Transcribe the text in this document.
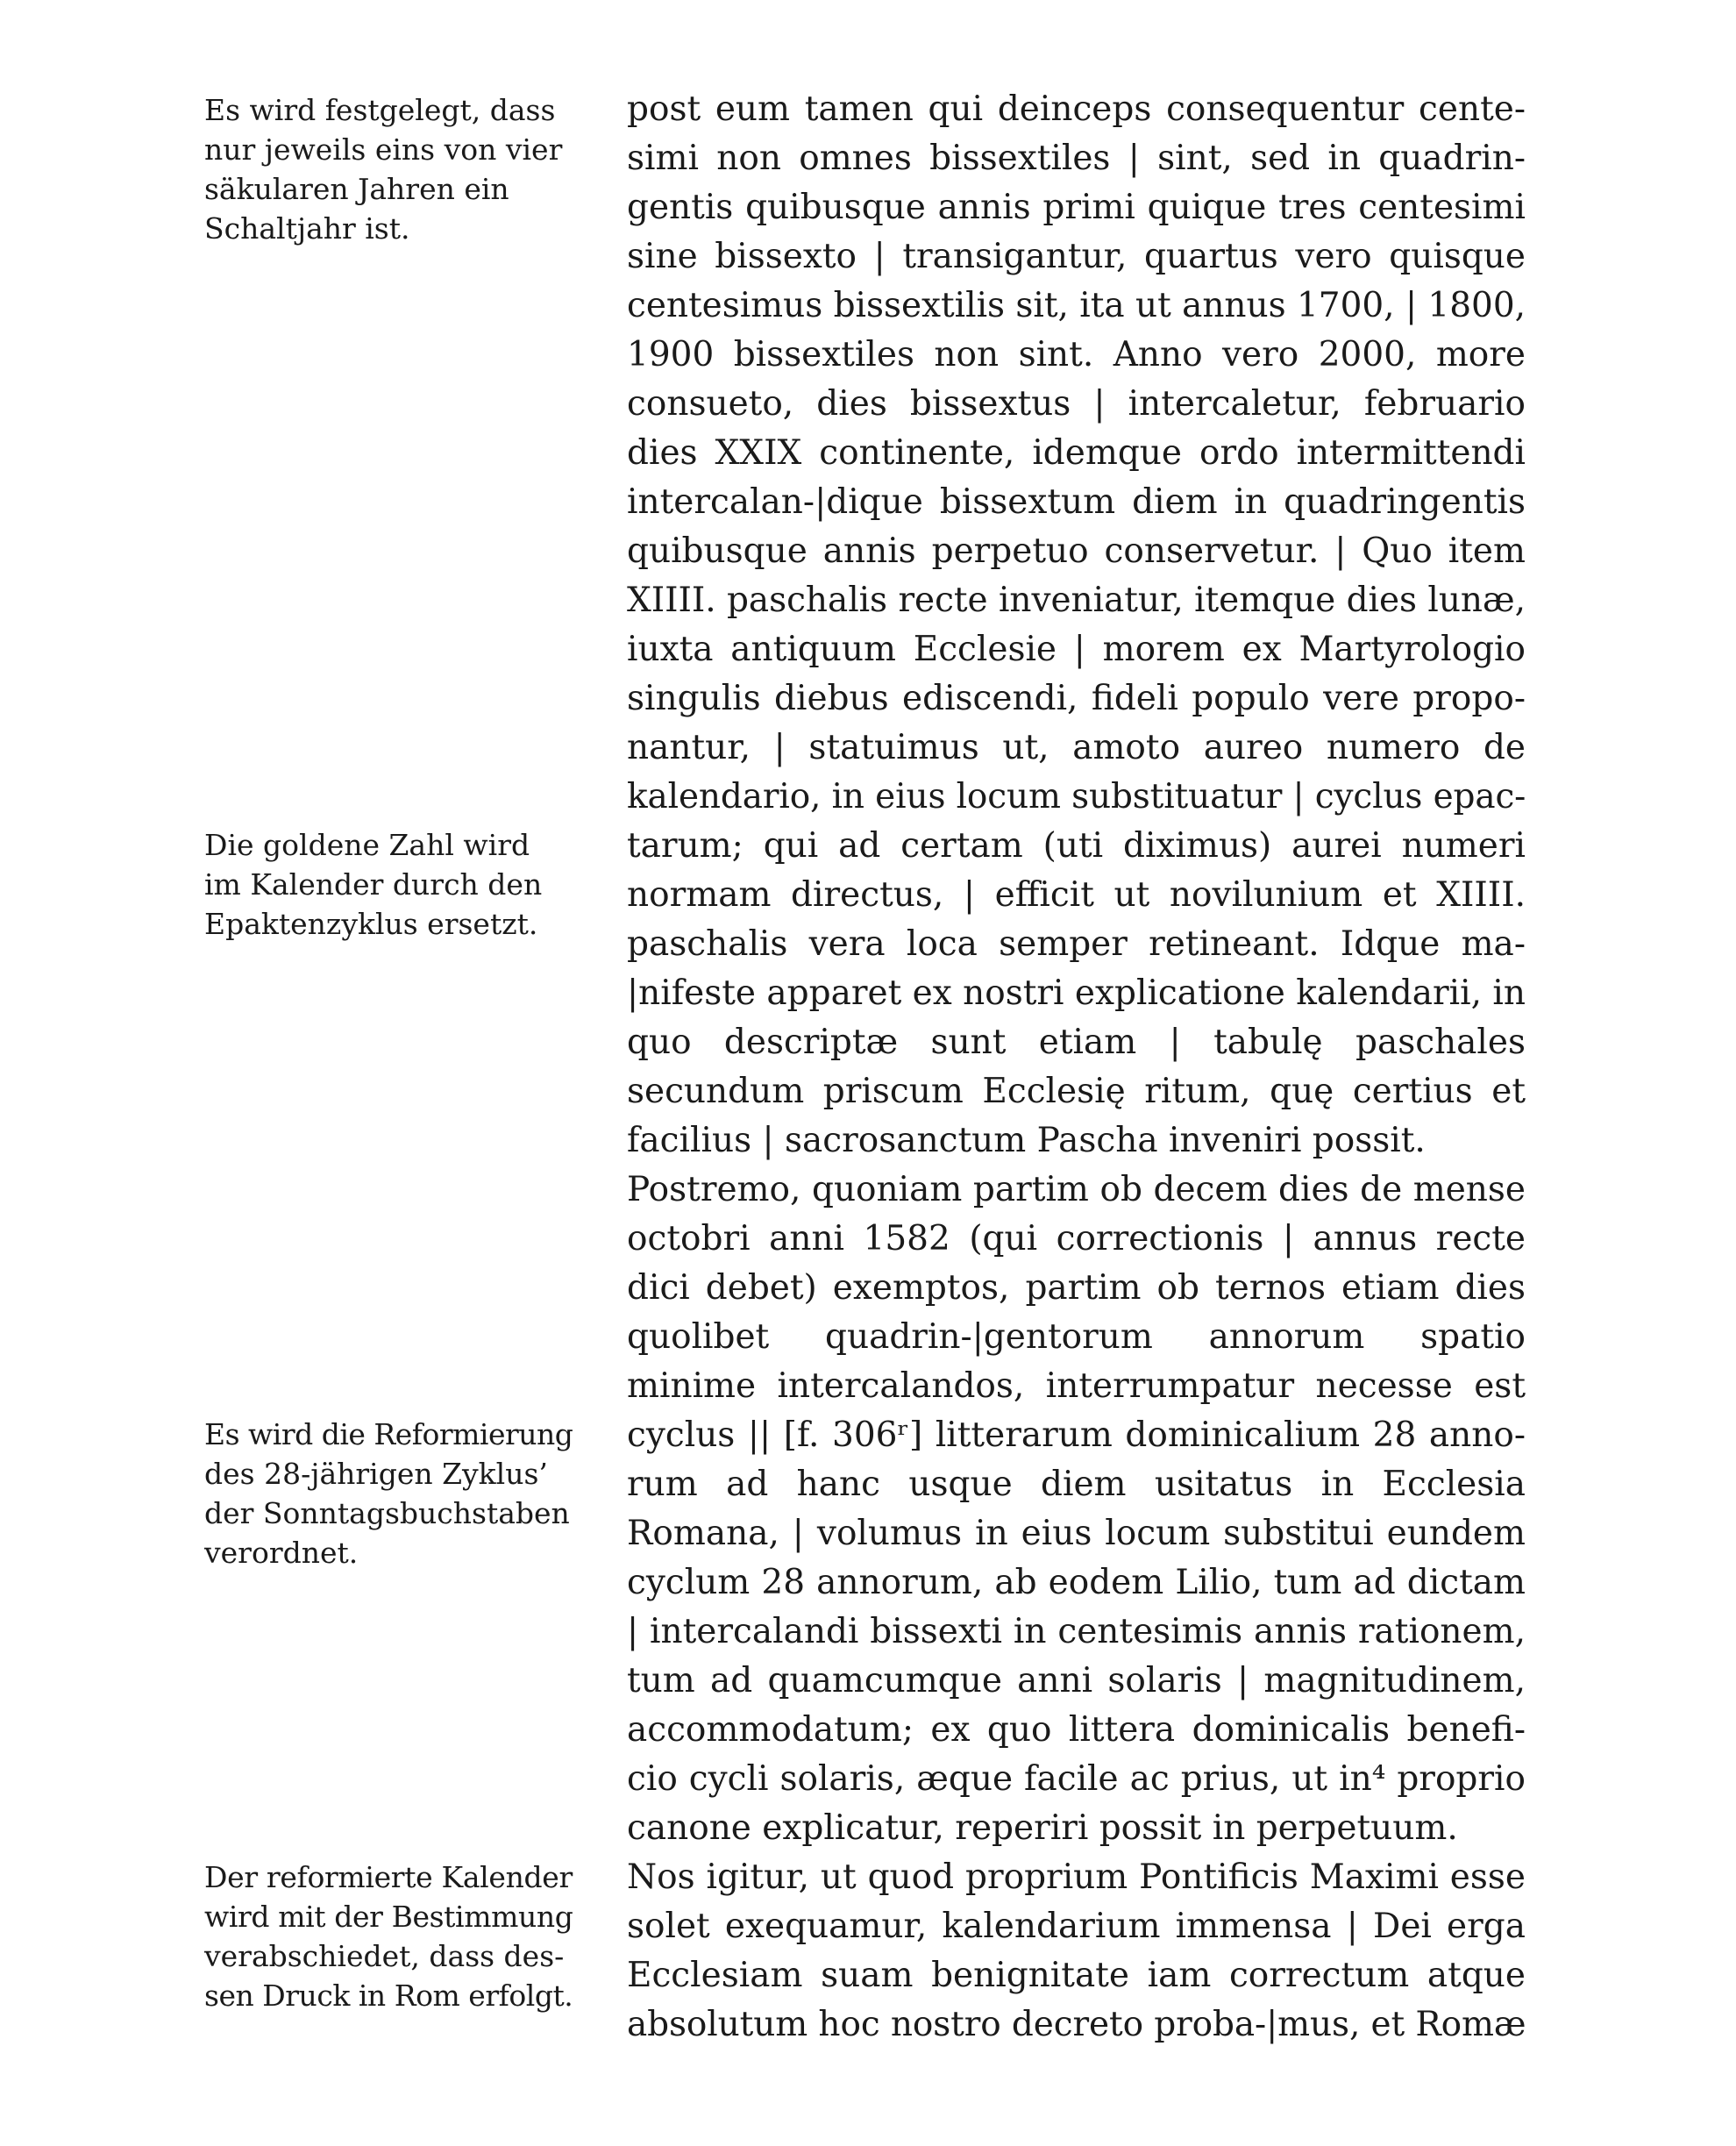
Es wird festgelegt, dass
nur jeweils eins von vier
säkularen Jahren ein
Schaltjahr ist.
Die goldene Zahl wird
im Kalender durch den
Epaktenzyklus ersetzt.
Es wird die Reformierung
des 28-jährigen Zyklus’
der Sonntagsbuchstaben
verordnet.
Der reformierte Kalender
wird mit der Bestimmung
verabschiedet, dass des-
sen Druck in Rom erfolgt.
post eum tamen qui deinceps consequentur cente-
simi non omnes bissextiles | sint, sed in quadrin-
gentis quibusque annis primi quique tres centesimi
sine bissexto | transigantur, quartus vero quisque
centesimus bissextilis sit, ita ut annus 1700, | 1800,
1900 bissextiles non sint. Anno vero 2000, more
consueto, dies bissextus | intercaletur, februario
dies XXIX continente, idemque ordo intermittendi
intercalan-|dique bissextum diem in quadringentis
quibusque annis perpetuo conservetur. | Quo item
XIIII. paschalis recte inveniatur, itemque dies lunæ,
iuxta antiquum Ecclesie | morem ex Martyrologio
singulis diebus ediscendi, fideli populo vere propo-
nantur, | statuimus ut, amoto aureo numero de
kalendario, in eius locum substituatur | cyclus epac-
tarum; qui ad certam (uti diximus) aurei numeri
normam directus, | efficit ut novilunium et XIIII.
paschalis vera loca semper retineant. Idque ma-
|nifeste apparet ex nostri explicatione kalendarii, in
quo descriptæ sunt etiam | tabulę paschales
secundum priscum Ecclesię ritum, quę certius et
facilius | sacrosanctum Pascha inveniri possit.
Postremo, quoniam partim ob decem dies de mense
octobri anni 1582 (qui correctionis | annus recte
dici debet) exemptos, partim ob ternos etiam dies
quolibet quadrin-|gentorum annorum spatio
minime intercalandos, interrumpatur necesse est
cyclus || [f. 306ʳ] litterarum dominicalium 28 anno-
rum ad hanc usque diem usitatus in Ecclesia
Romana, | volumus in eius locum substitui eundem
cyclum 28 annorum, ab eodem Lilio, tum ad dictam
| intercalandi bissexti in centesimis annis rationem,
tum ad quamcumque anni solaris | magnitudinem,
accommodatum; ex quo littera dominicalis benefi-
cio cycli solaris, æque facile ac prius, ut in⁴ proprio
canone explicatur, reperiri possit in perpetuum.
Nos igitur, ut quod proprium Pontificis Maximi esse
solet exequamur, kalendarium immensa | Dei erga
Ecclesiam suam benignitate iam correctum atque
absolutum hoc nostro decreto proba-|mus, et Romæ
